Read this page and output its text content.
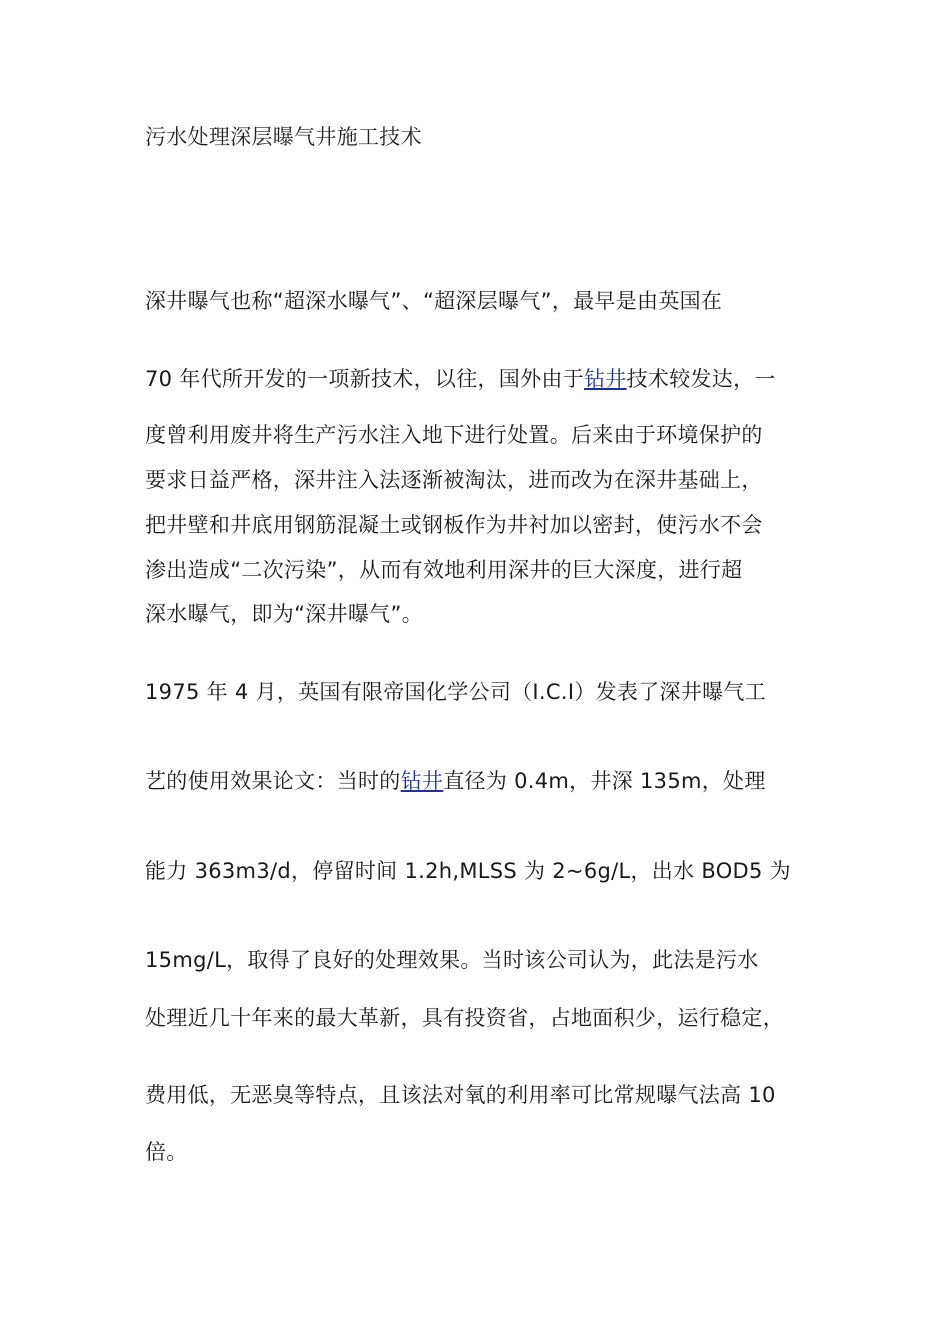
污水处理深层曝气井施工技术
深井曝气也称“超深水曝气”、“超深层曝气”，最早是由英国在
70 年代所开发的一项新技术，以往，国外由于钻井技术较发达，一
度曾利用废井将生产污水注入地下进行处置。后来由于环境保护的
要求日益严格，深井注入法逐渐被淘汰，进而改为在深井基础上，
把井壁和井底用钢筋混凝土或钢板作为井衬加以密封，使污水不会
渗出造成“二次污染”，从而有效地利用深井的巨大深度，进行超
深水曝气，即为“深井曝气”。
1975 年 4 月，英国有限帝国化学公司（I.C.I）发表了深井曝气工
艺的使用效果论文：当时的钻井直径为 0.4m，井深 135m，处理
能力 363m3/d，停留时间 1.2h,MLSS 为 2~6g/L，出水 BOD5 为
15mg/L，取得了良好的处理效果。当时该公司认为，此法是污水
处理近几十年来的最大革新，具有投资省，占地面积少，运行稳定，
费用低，无恶臭等特点，且该法对氧的利用率可比常规曝气法高 10
倍。
